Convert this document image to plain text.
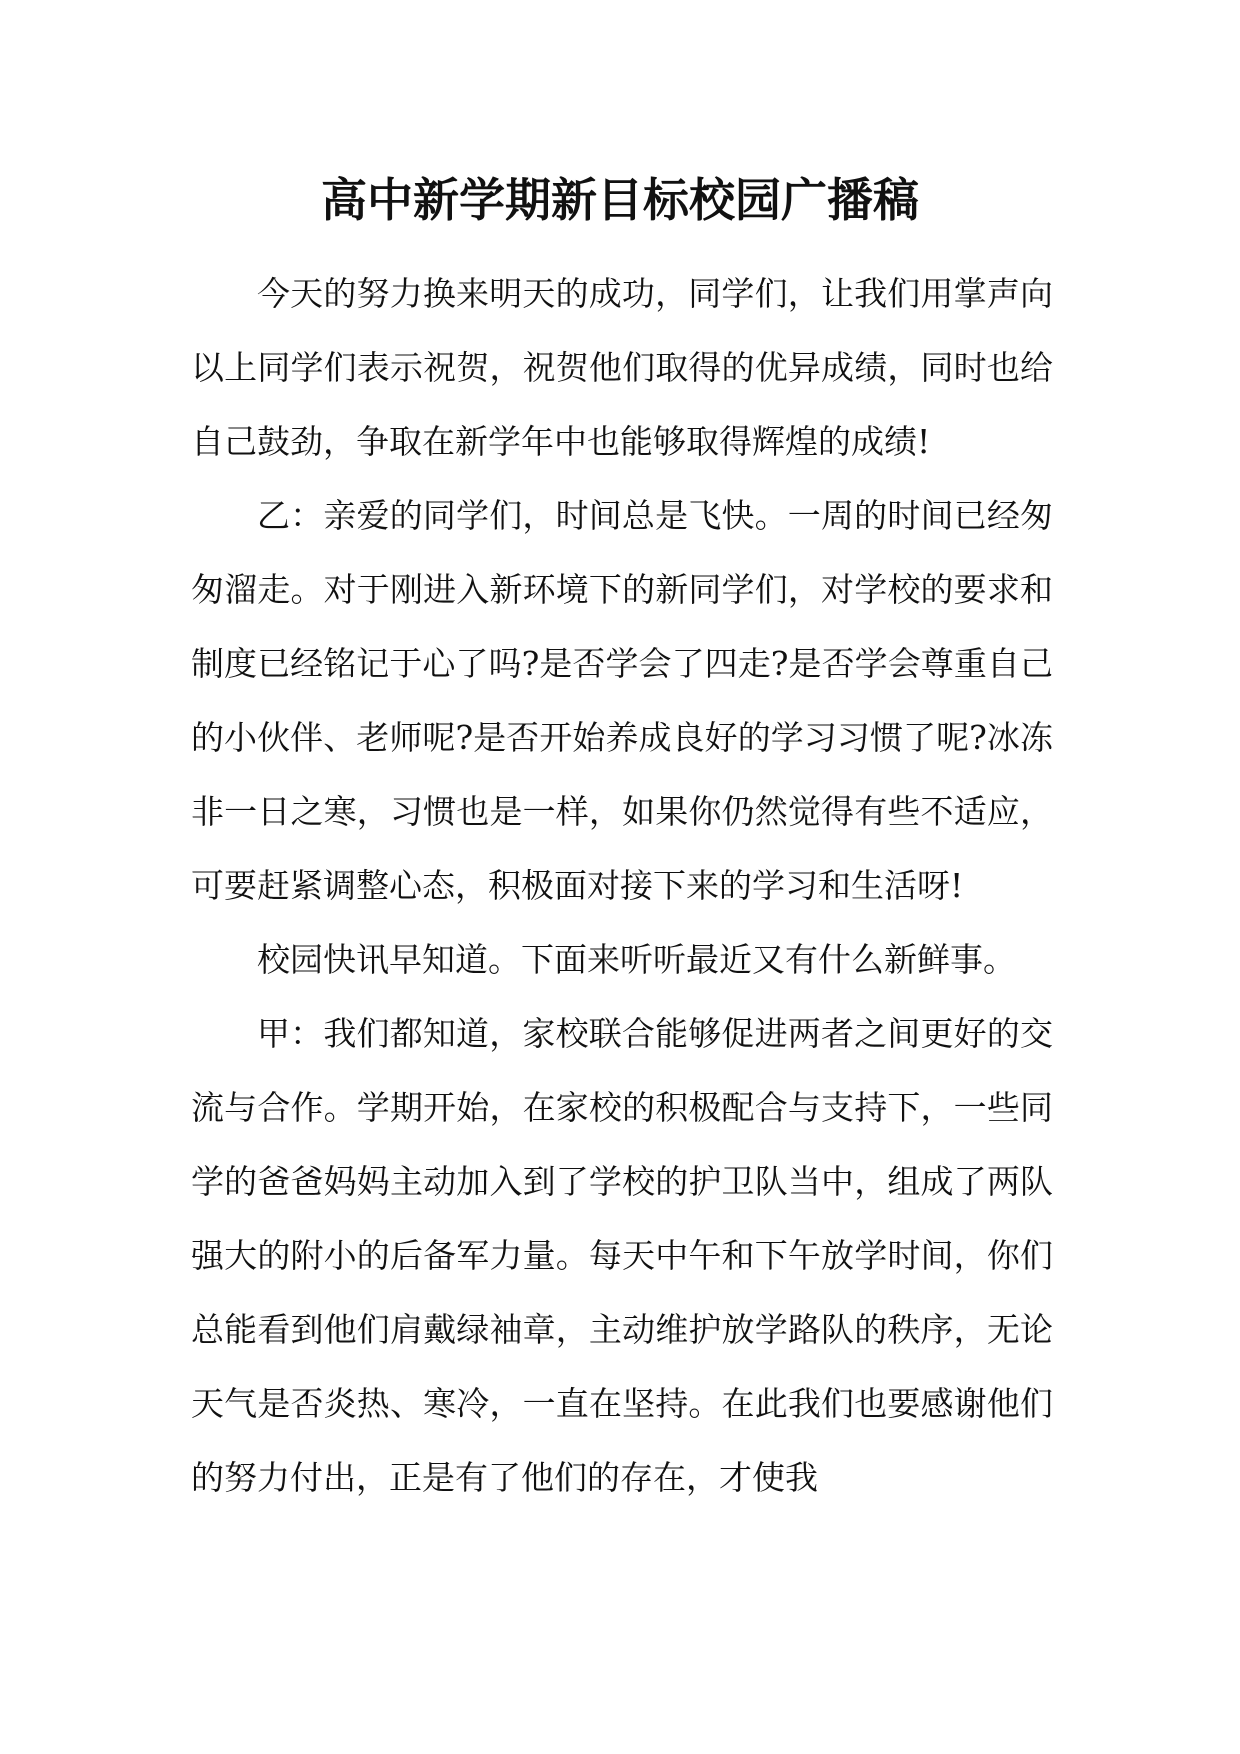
高中新学期新目标校园广播稿

今天的努力换来明天的成功，同学们，让我们用掌声向以上同学们表示祝贺，祝贺他们取得的优异成绩，同时也给自己鼓劲，争取在新学年中也能够取得辉煌的成绩!

乙：亲爱的同学们，时间总是飞快。一周的时间已经匆匆溜走。对于刚进入新环境下的新同学们，对学校的要求和制度已经铭记于心了吗?是否学会了四走?是否学会尊重自己的小伙伴、老师呢?是否开始养成良好的学习习惯了呢?冰冻非一日之寒，习惯也是一样，如果你仍然觉得有些不适应，可要赶紧调整心态，积极面对接下来的学习和生活呀!

校园快讯早知道。下面来听听最近又有什么新鲜事。

甲：我们都知道，家校联合能够促进两者之间更好的交流与合作。学期开始，在家校的积极配合与支持下，一些同学的爸爸妈妈主动加入到了学校的护卫队当中，组成了两队强大的附小的后备军力量。每天中午和下午放学时间，你们总能看到他们肩戴绿袖章，主动维护放学路队的秩序，无论天气是否炎热、寒冷，一直在坚持。在此我们也要感谢他们的努力付出，正是有了他们的存在，才使我
